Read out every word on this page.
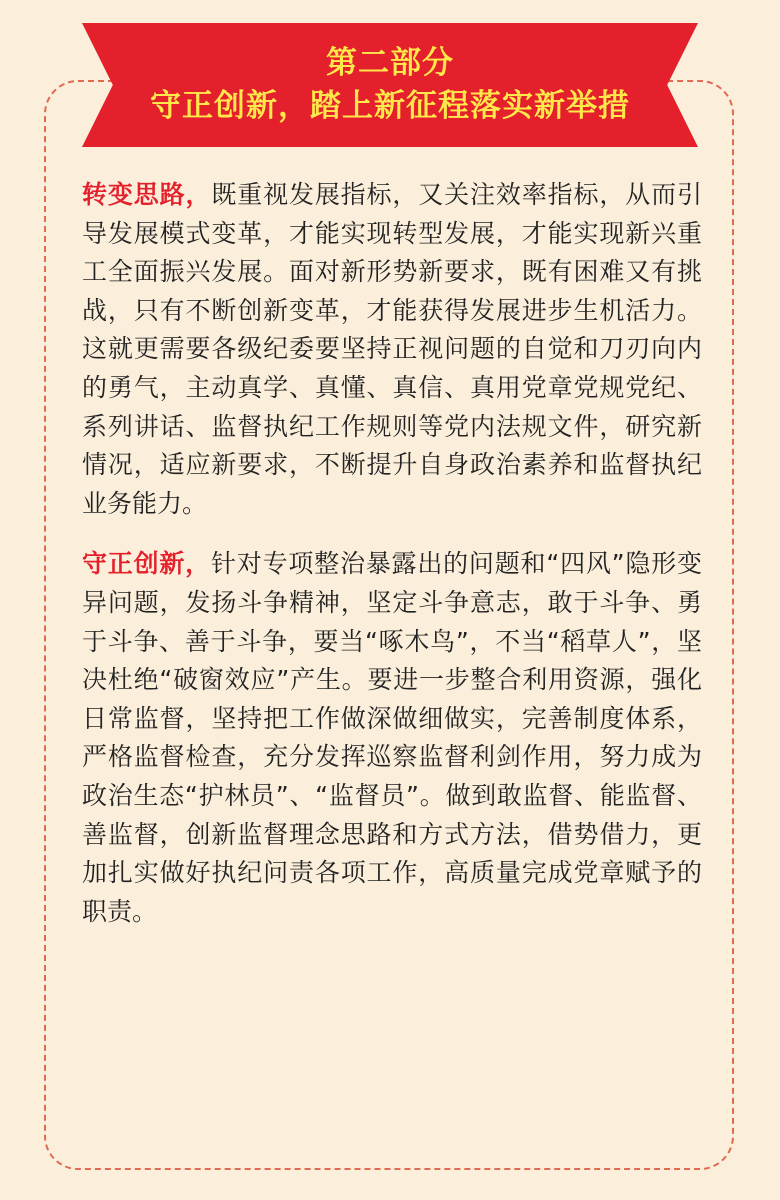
第二部分
守正创新，踏上新征程落实新举措

转变思路，既重视发展指标，又关注效率指标，从而引导发展模式变革，才能实现转型发展，才能实现新兴重工全面振兴发展。面对新形势新要求，既有困难又有挑战，只有不断创新变革，才能获得发展进步生机活力。这就更需要各级纪委要坚持正视问题的自觉和刀刃向内的勇气，主动真学、真懂、真信、真用党章党规党纪、系列讲话、监督执纪工作规则等党内法规文件，研究新情况，适应新要求，不断提升自身政治素养和监督执纪业务能力。

守正创新，针对专项整治暴露出的问题和“四风”隐形变异问题，发扬斗争精神，坚定斗争意志，敢于斗争、勇于斗争、善于斗争，要当“啄木鸟”，不当“稻草人”，坚决杜绝“破窗效应”产生。要进一步整合利用资源，强化日常监督，坚持把工作做深做细做实，完善制度体系，严格监督检查，充分发挥巡察监督利剑作用，努力成为政治生态“护林员”、“监督员”。做到敢监督、能监督、善监督，创新监督理念思路和方式方法，借势借力，更加扎实做好执纪问责各项工作，高质量完成党章赋予的职责。
